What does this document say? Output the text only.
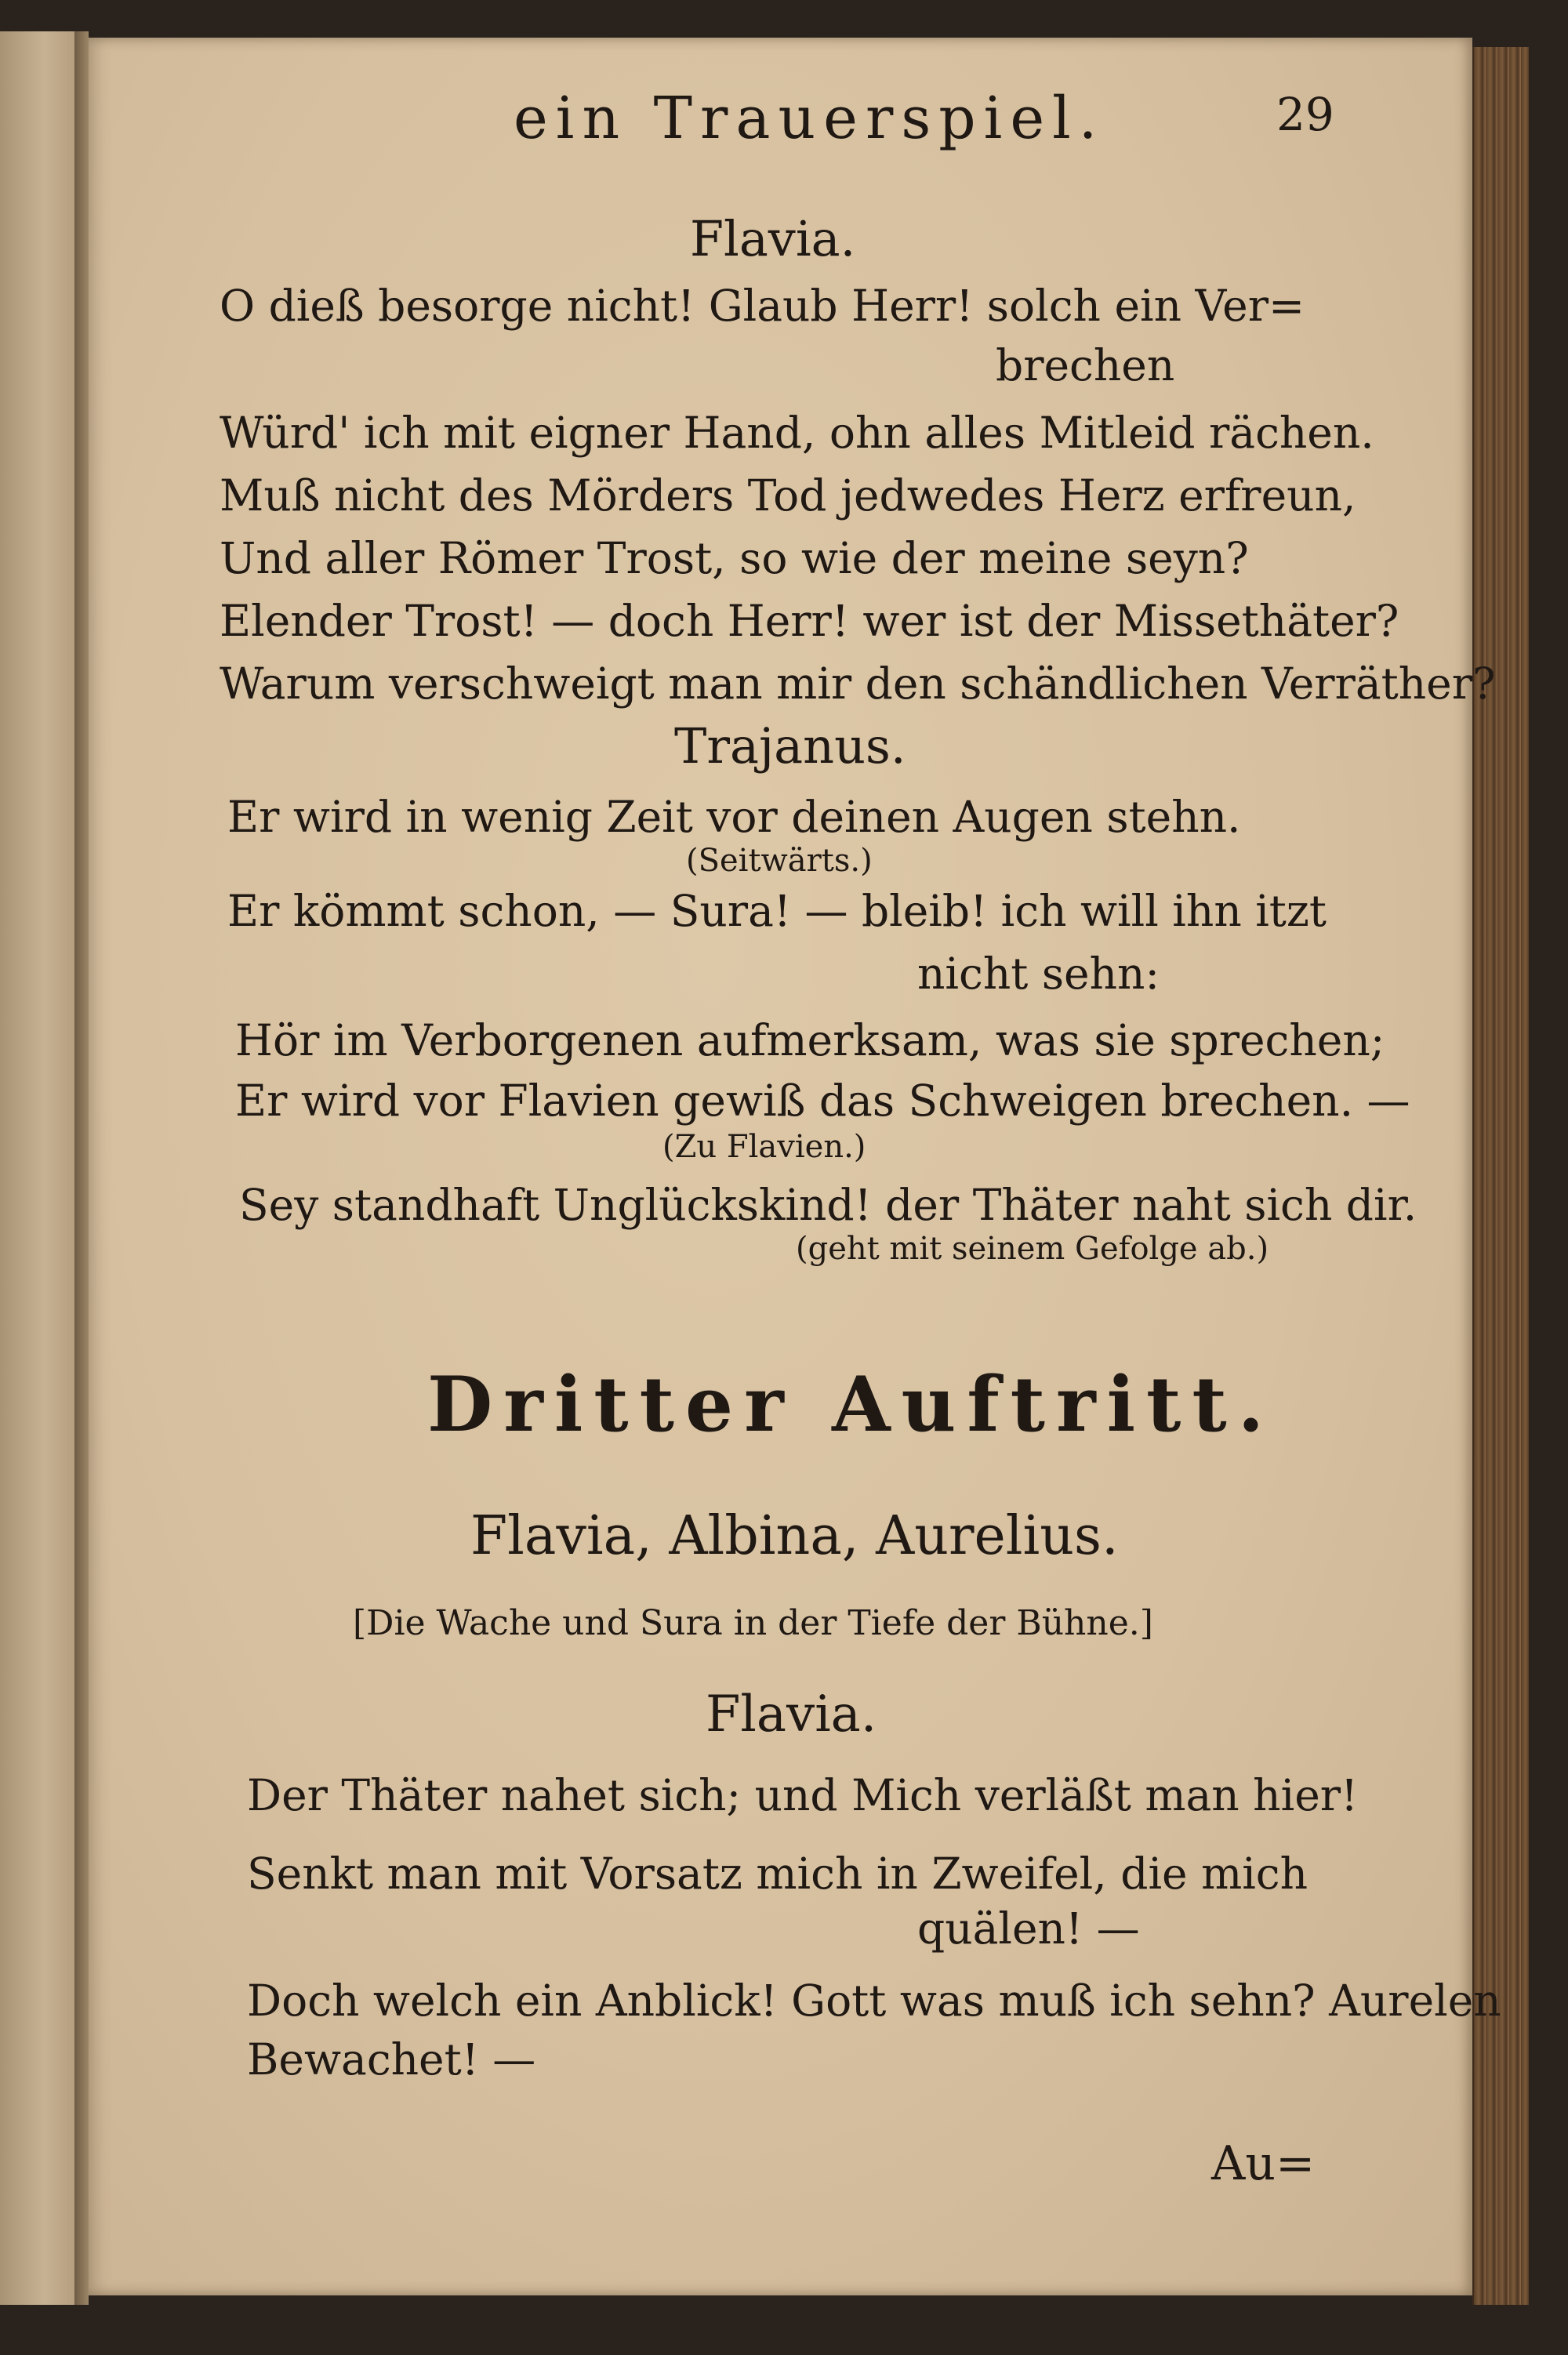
ein Trauerspiel.	29
Flavia.
O dieß besorge nicht! Glaub Herr! solch ein Ver=
brechen
Würd' ich mit eigner Hand, ohn alles Mitleid rächen.
Muß nicht des Mörders Tod jedwedes Herz erfreun,
Und aller Römer Trost, so wie der meine seyn?
Elender Trost! — doch Herr! wer ist der Missethäter?
Warum verschweigt man mir den schändlichen Verräther?
Trajanus.
Er wird in wenig Zeit vor deinen Augen stehn.
(Seitwärts.)
Er kömmt schon, — Sura! — bleib! ich will ihn itzt
nicht sehn:
Hör im Verborgenen aufmerksam, was sie sprechen;
Er wird vor Flavien gewiß das Schweigen brechen. —
(Zu Flavien.)
Sey standhaft Unglückskind! der Thäter naht sich dir.
(geht mit seinem Gefolge ab.)
Dritter Auftritt.
Flavia, Albina, Aurelius.
[Die Wache und Sura in der Tiefe der Bühne.]
Flavia.
Der Thäter nahet sich; und Mich verläßt man hier!
Senkt man mit Vorsatz mich in Zweifel, die mich
quälen! —
Doch welch ein Anblick! Gott was muß ich sehn? Aurelen
Bewachet! —
Au=
